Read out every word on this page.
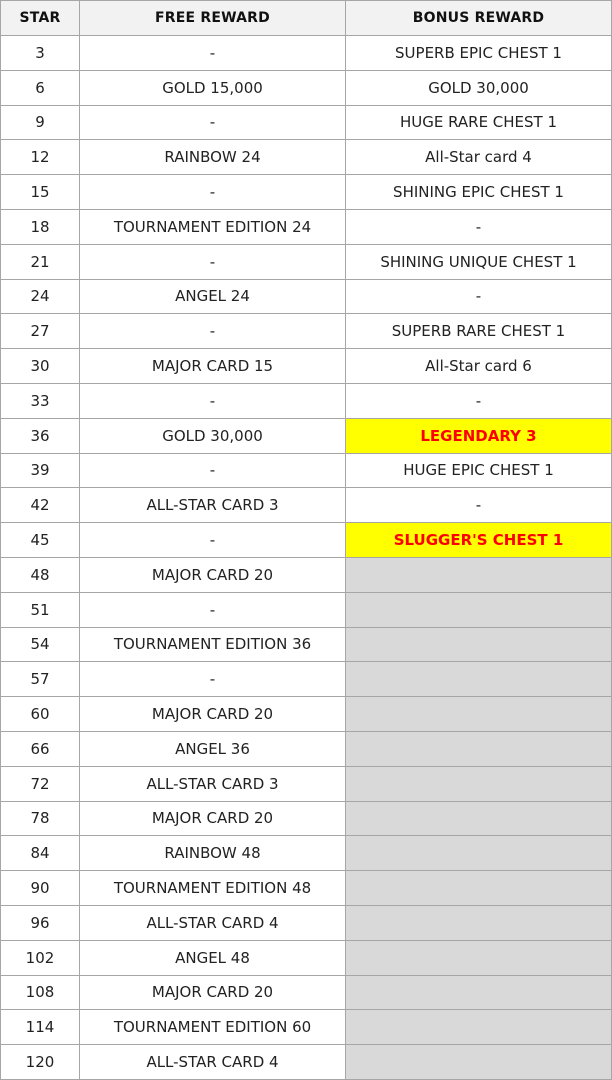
STAR	FREE REWARD	BONUS REWARD
3	-	SUPERB EPIC CHEST 1
6	GOLD 15,000	GOLD 30,000
9	-	HUGE RARE CHEST 1
12	RAINBOW 24	All-Star card 4
15	-	SHINING EPIC CHEST 1
18	TOURNAMENT EDITION 24	-
21	-	SHINING UNIQUE CHEST 1
24	ANGEL 24	-
27	-	SUPERB RARE CHEST 1
30	MAJOR CARD 15	All-Star card 6
33	-	-
36	GOLD 30,000	LEGENDARY 3
39	-	HUGE EPIC CHEST 1
42	ALL-STAR CARD 3	-
45	-	SLUGGER'S CHEST 1
48	MAJOR CARD 20	
51	-	
54	TOURNAMENT EDITION 36	
57	-	
60	MAJOR CARD 20	
66	ANGEL 36	
72	ALL-STAR CARD 3	
78	MAJOR CARD 20	
84	RAINBOW 48	
90	TOURNAMENT EDITION 48	
96	ALL-STAR CARD 4	
102	ANGEL 48	
108	MAJOR CARD 20	
114	TOURNAMENT EDITION 60	
120	ALL-STAR CARD 4	
